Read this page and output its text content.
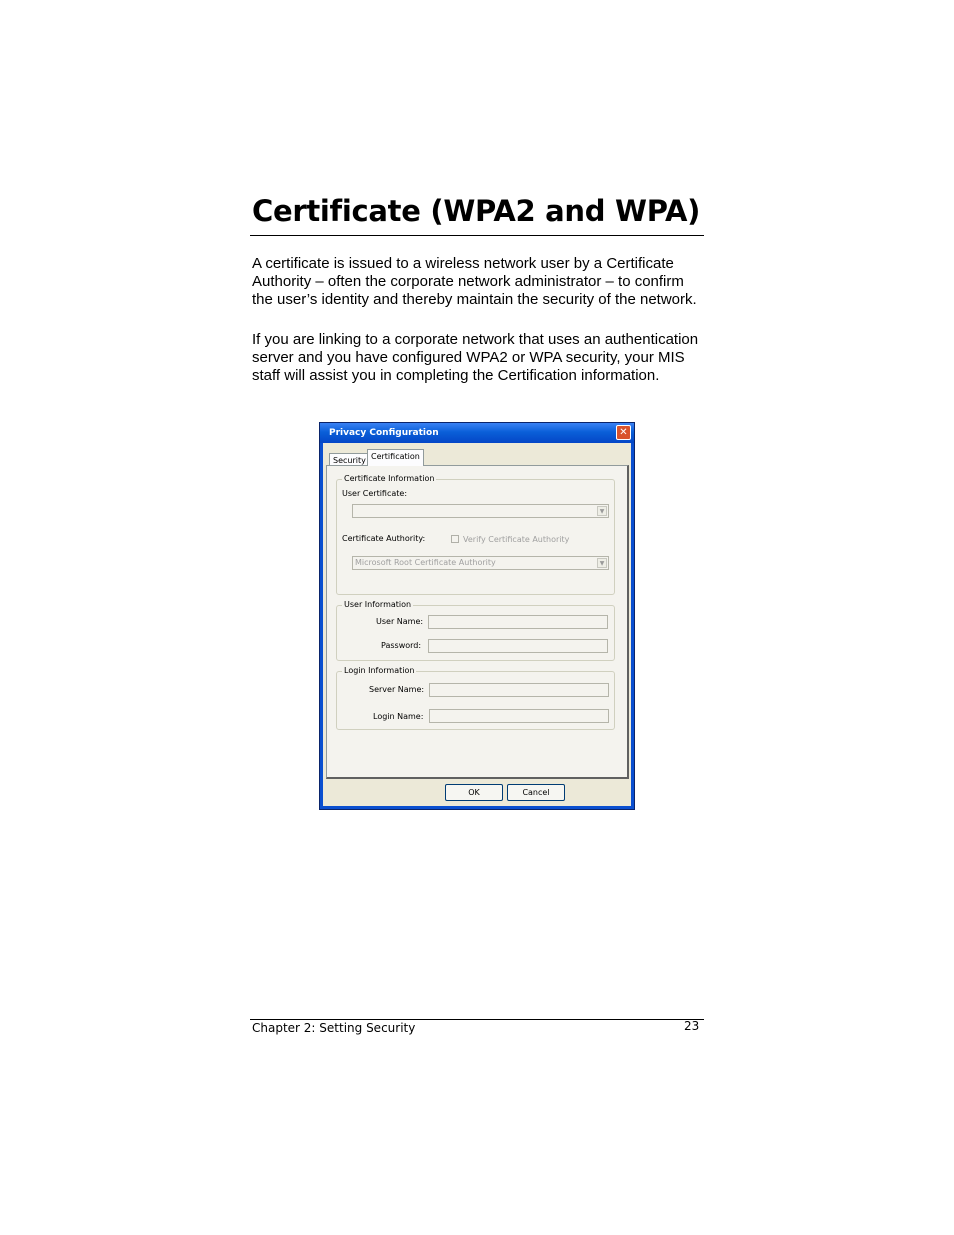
Certificate (WPA2 and WPA)

A certificate is issued to a wireless network user by a Certificate Authority – often the corporate network administrator – to confirm the user’s identity and thereby maintain the security of the network.

If you are linking to a corporate network that uses an authentication server and you have configured WPA2 or WPA security, your MIS staff will assist you in completing the Certification information.

Privacy Configuration	✕
Security Certification
Certificate Information
User Certificate:
▼
Certificate Authority:	Verify Certificate Authority
Microsoft Root Certificate Authority	▼
User Information
User Name:
Password:
Login Information
Server Name:
Login Name:
OK	Cancel
Chapter 2: Setting Security	23
